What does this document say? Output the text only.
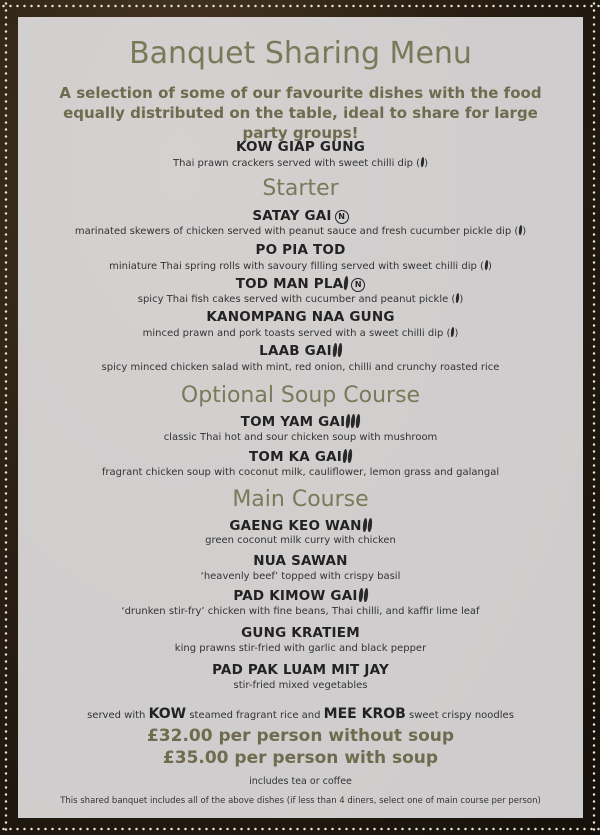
Banquet Sharing Menu
A selection of some of our favourite dishes with the food equally distributed on the table, ideal to share for large party groups!
KOW GIAP GUNG
Thai prawn crackers served with sweet chilli dip ( )
Starter
SATAY GAI N
marinated skewers of chicken served with peanut sauce and fresh cucumber pickle dip ( )
PO PIA TOD
miniature Thai spring rolls with savoury filling served with sweet chilli dip ( )
TOD MAN PLA N
spicy Thai fish cakes served with cucumber and peanut pickle ( )
KANOMPANG NAA GUNG
minced prawn and pork toasts served with a sweet chilli dip ( )
LAAB GAI
spicy minced chicken salad with mint, red onion, chilli and crunchy roasted rice
Optional Soup Course
TOM YAM GAI
classic Thai hot and sour chicken soup with mushroom
TOM KA GAI
fragrant chicken soup with coconut milk, cauliflower, lemon grass and galangal
Main Course
GAENG KEO WAN
green coconut milk curry with chicken
NUA SAWAN
‘heavenly beef’ topped with crispy basil
PAD KIMOW GAI
‘drunken stir-fry’ chicken with fine beans, Thai chilli, and kaffir lime leaf
GUNG KRATIEM
king prawns stir-fried with garlic and black pepper
PAD PAK LUAM MIT JAY
stir-fried mixed vegetables
served with KOW steamed fragrant rice and MEE KROB sweet crispy noodles
£32.00 per person without soup
£35.00 per person with soup
includes tea or coffee
This shared banquet includes all of the above dishes (if less than 4 diners, select one of main course per person)
